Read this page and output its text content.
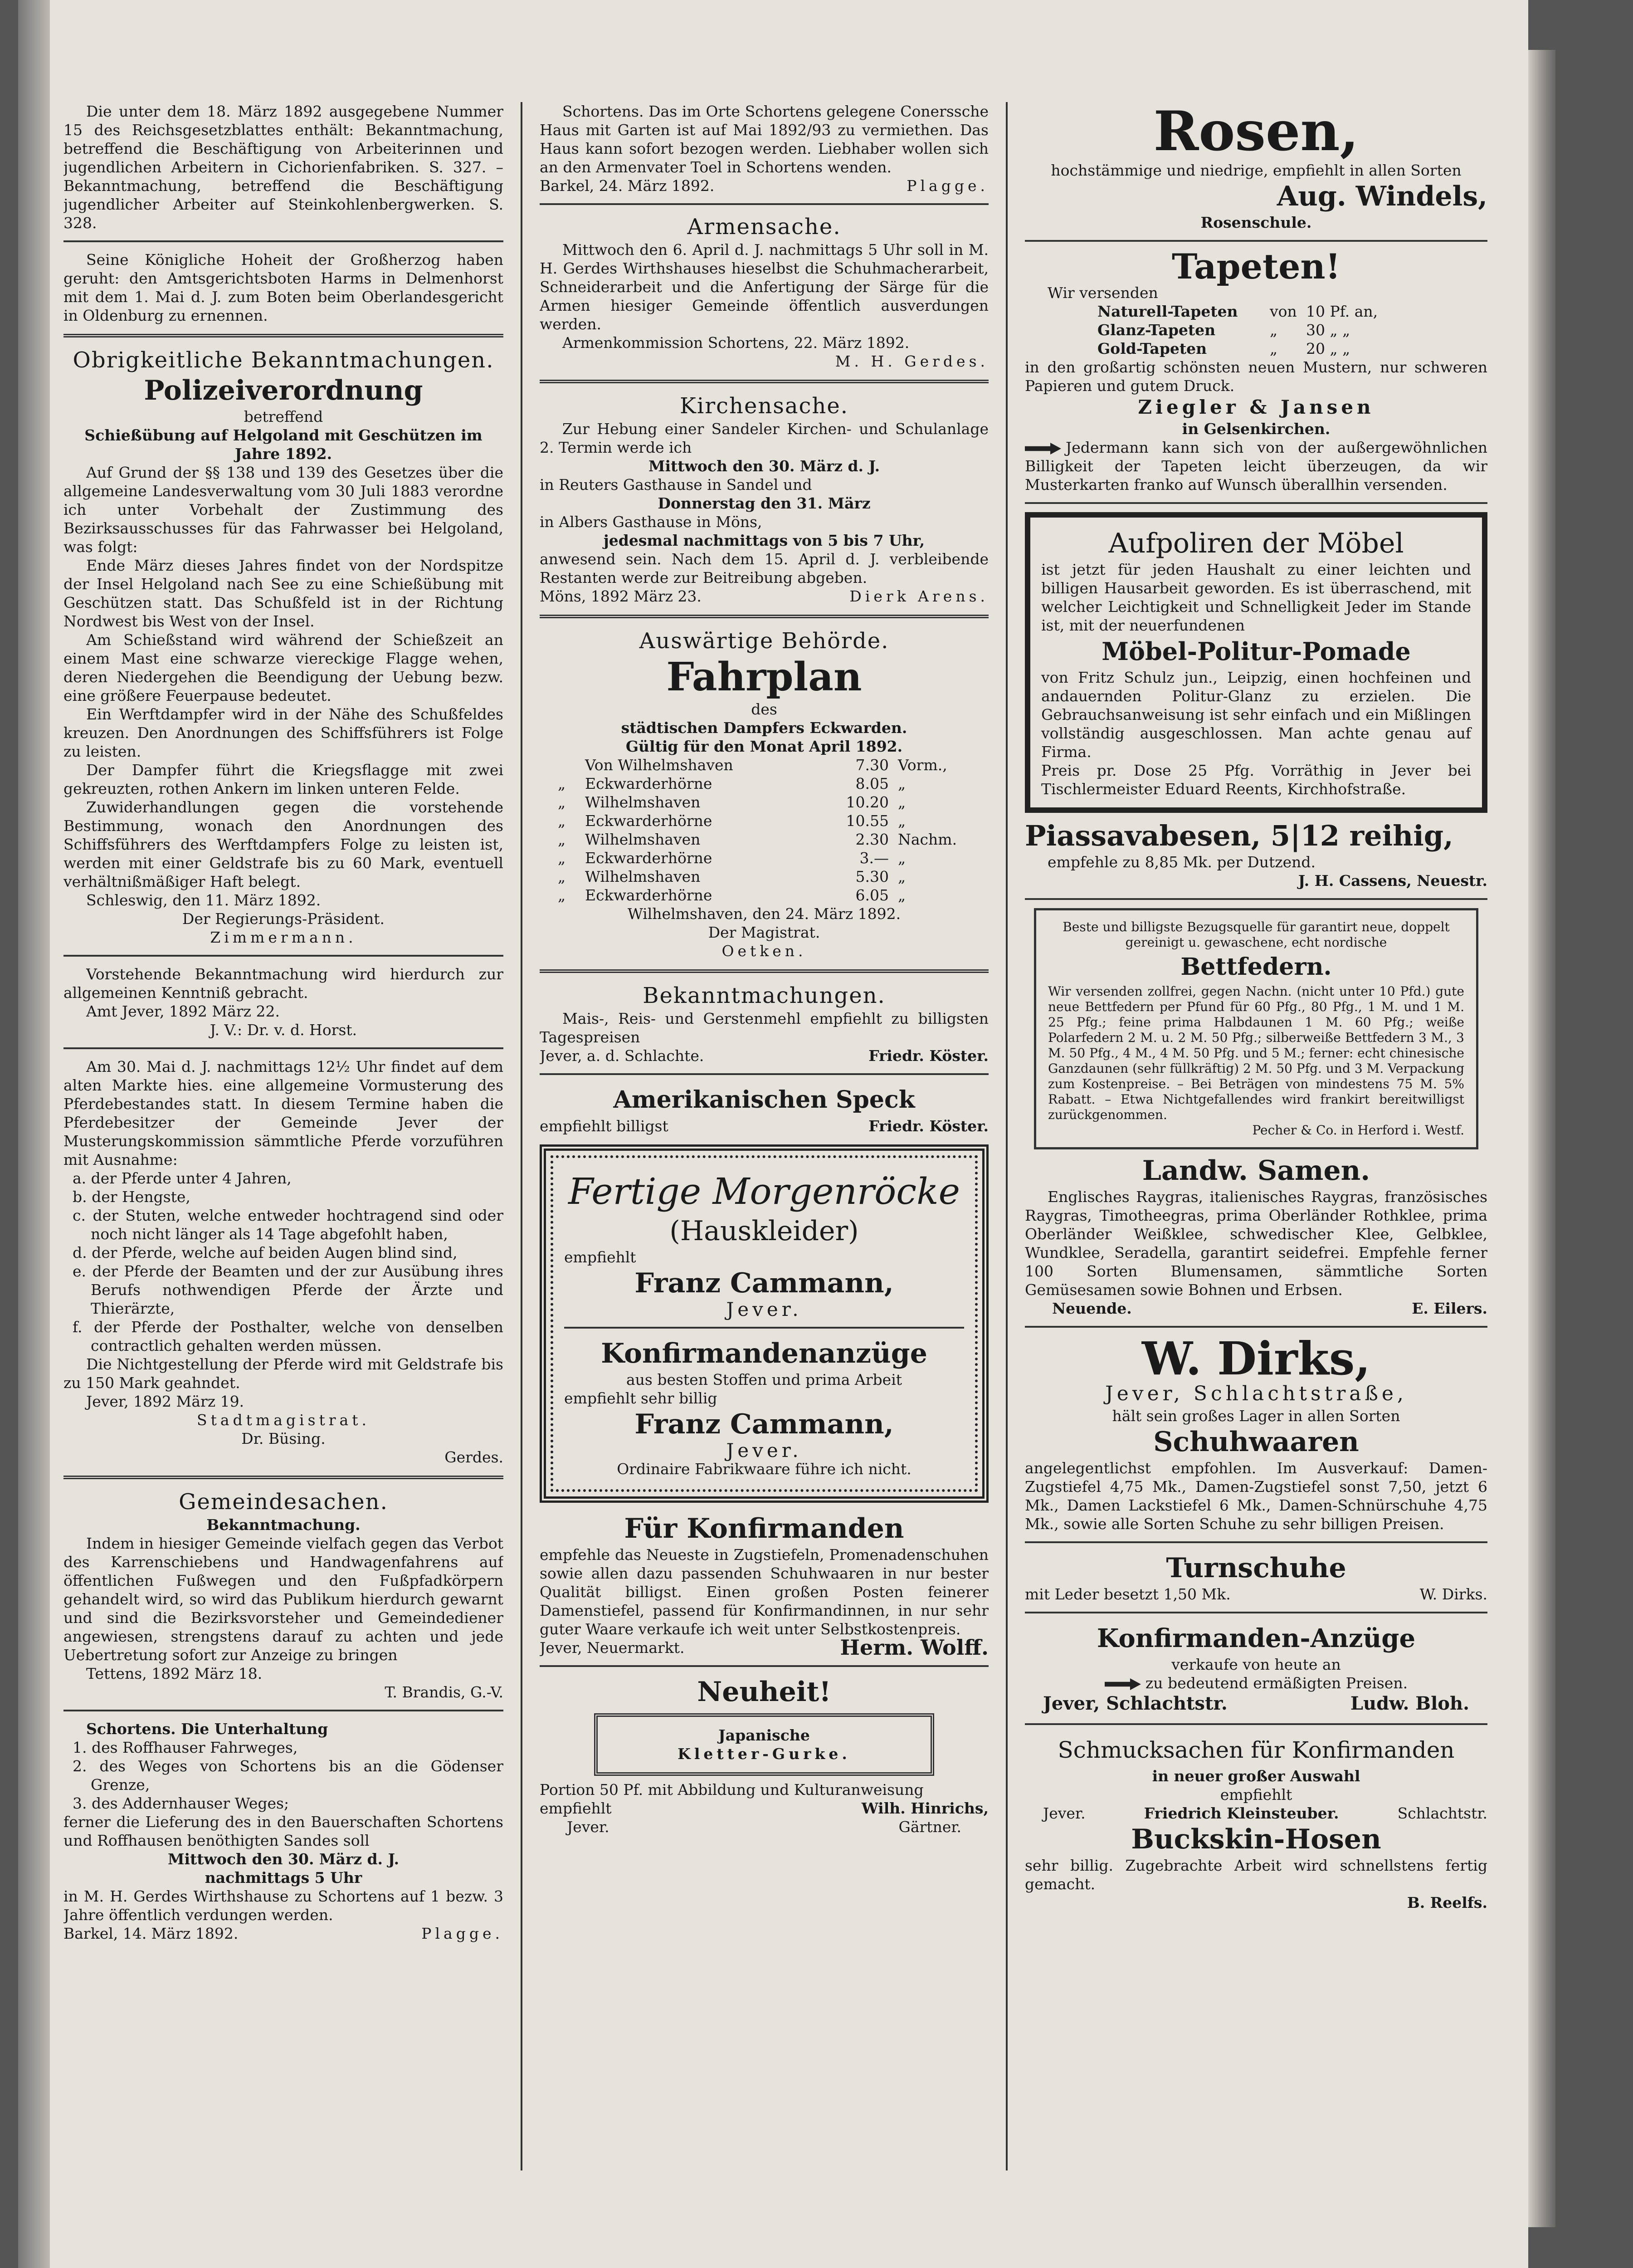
Die unter dem 18. März 1892 ausgegebene Nummer 15 des Reichsgesetzblattes enthält: Bekanntmachung, betreffend die Beschäftigung von Arbeiterinnen und jugendlichen Arbeitern in Cichorienfabriken. S. 327. – Bekanntmachung, betreffend die Beschäftigung jugendlicher Arbeiter auf Steinkohlenbergwerken. S. 328.

Seine Königliche Hoheit der Großherzog haben geruht: den Amtsgerichtsboten Harms in Delmenhorst mit dem 1. Mai d. J. zum Boten beim Oberlandesgericht in Oldenburg zu ernennen.

Obrigkeitliche Bekanntmachungen.
Polizeiverordnung

betreffend

Schießübung auf Helgoland mit Geschützen im Jahre 1892.

Auf Grund der §§ 138 und 139 des Gesetzes über die allgemeine Landesverwaltung vom 30 Juli 1883 verordne ich unter Vorbehalt der Zustimmung des Bezirksausschusses für das Fahrwasser bei Helgoland, was folgt:

Ende März dieses Jahres findet von der Nordspitze der Insel Helgoland nach See zu eine Schießübung mit Geschützen statt. Das Schußfeld ist in der Richtung Nordwest bis West von der Insel.

Am Schießstand wird während der Schießzeit an einem Mast eine schwarze viereckige Flagge wehen, deren Niedergehen die Beendigung der Uebung bezw. eine größere Feuerpause bedeutet.

Ein Werftdampfer wird in der Nähe des Schußfeldes kreuzen. Den Anordnungen des Schiffsführers ist Folge zu leisten.

Der Dampfer führt die Kriegsflagge mit zwei gekreuzten, rothen Ankern im linken unteren Felde.

Zuwiderhandlungen gegen die vorstehende Bestimmung, wonach den Anordnungen des Schiffsführers des Werftdampfers Folge zu leisten ist, werden mit einer Geldstrafe bis zu 60 Mark, eventuell verhältnißmäßiger Haft belegt.

Schleswig, den 11. März 1892.

Der Regierungs-Präsident.

Zimmermann.

Vorstehende Bekanntmachung wird hierdurch zur allgemeinen Kenntniß gebracht.

Amt Jever, 1892 März 22.

J. V.: Dr. v. d. Horst.

Am 30. Mai d. J. nachmittags 12½ Uhr findet auf dem alten Markte hies. eine allgemeine Vormusterung des Pferdebestandes statt. In diesem Termine haben die Pferdebesitzer der Gemeinde Jever der Musterungskommission sämmtliche Pferde vorzuführen mit Ausnahme:

a. der Pferde unter 4 Jahren,

b. der Hengste,

c. der Stuten, welche entweder hochtragend sind oder noch nicht länger als 14 Tage abgefohlt haben,

d. der Pferde, welche auf beiden Augen blind sind,

e. der Pferde der Beamten und der zur Ausübung ihres Berufs nothwendigen Pferde der Ärzte und Thierärzte,

f. der Pferde der Posthalter, welche von denselben contractlich gehalten werden müssen.

Die Nichtgestellung der Pferde wird mit Geldstrafe bis zu 150 Mark geahndet.

Jever, 1892 März 19.

Stadtmagistrat.

Dr. Büsing.

Gerdes.

Gemeindesachen.

Bekanntmachung.

Indem in hiesiger Gemeinde vielfach gegen das Verbot des Karrenschiebens und Handwagenfahrens auf öffentlichen Fußwegen und den Fußpfadkörpern gehandelt wird, so wird das Publikum hierdurch gewarnt und sind die Bezirksvorsteher und Gemeindediener angewiesen, strengstens darauf zu achten und jede Uebertretung sofort zur Anzeige zu bringen

Tettens, 1892 März 18.

T. Brandis, G.-V.

Schortens. Die Unterhaltung

1. des Roffhauser Fahrweges,

2. des Weges von Schortens bis an die Gödenser Grenze,

3. des Addernhauser Weges;

ferner die Lieferung des in den Bauerschaften Schortens und Roffhausen benöthigten Sandes soll

Mittwoch den 30. März d. J.

nachmittags 5 Uhr

in M. H. Gerdes Wirthshause zu Schortens auf 1 bezw. 3 Jahre öffentlich verdungen werden.

Barkel, 14. März 1892.	Plagge.

Schortens. Das im Orte Schortens gelegene Conerssche Haus mit Garten ist auf Mai 1892/93 zu vermiethen. Das Haus kann sofort bezogen werden. Liebhaber wollen sich an den Armenvater Toel in Schortens wenden.

Barkel, 24. März 1892.	Plagge.
Armensache.

Mittwoch den 6. April d. J. nachmittags 5 Uhr soll in M. H. Gerdes Wirthshauses hieselbst die Schuhmacherarbeit, Schneiderarbeit und die Anfertigung der Särge für die Armen hiesiger Gemeinde öffentlich ausverdungen werden.

Armenkommission Schortens, 22. März 1892.

M. H. Gerdes.

Kirchensache.

Zur Hebung einer Sandeler Kirchen- und Schulanlage 2. Termin werde ich

Mittwoch den 30. März d. J.

in Reuters Gasthause in Sandel und

Donnerstag den 31. März

in Albers Gasthause in Möns,

jedesmal nachmittags von 5 bis 7 Uhr,

anwesend sein. Nach dem 15. April d. J. verbleibende Restanten werde zur Beitreibung abgeben.

Möns, 1892 März 23.	Dierk Arens.
Auswärtige Behörde.
Fahrplan

des

städtischen Dampfers Eckwarden.

Gültig für den Monat April 1892.

Von Wilhelmshaven	7.30 Vorm.,
„	Eckwarderhörne	8.05 „
„	Wilhelmshaven	10.20 „
„	Eckwarderhörne	10.55 „
„	Wilhelmshaven	2.30 Nachm.
„	Eckwarderhörne	3.— „
„	Wilhelmshaven	5.30 „
„	Eckwarderhörne	6.05 „

Wilhelmshaven, den 24. März 1892.

Der Magistrat.

Oetken.

Bekanntmachungen.

Mais-, Reis- und Gerstenmehl empfiehlt zu billigsten Tagespreisen

Jever, a. d. Schlachte.	Friedr. Köster.
Amerikanischen Speck
empfiehlt billigst	Friedr. Köster.
Fertige Morgenröcke
(Hauskleider)

empfiehlt

Franz Cammann,

Jever.

Konfirmandenanzüge

aus besten Stoffen und prima Arbeit

empfiehlt sehr billig

Franz Cammann,

Jever.

Ordinaire Fabrikwaare führe ich nicht.

Für Konfirmanden

empfehle das Neueste in Zugstiefeln, Promenadenschuhen sowie allen dazu passenden Schuhwaaren in nur bester Qualität billigst. Einen großen Posten feinerer Damenstiefel, passend für Konfirmandinnen, in nur sehr guter Waare verkaufe ich weit unter Selbstkostenpreis.

Jever, Neuermarkt.	Herm. Wolff.
Neuheit!

Japanische

Kletter-Gurke.

Portion 50 Pf. mit Abbildung und Kulturanweisung

empfiehlt	Wilh. Hinrichs,
Jever.	Gärtner.
Rosen,

hochstämmige und niedrige, empfiehlt in allen Sorten

Aug. Windels,

Rosenschule.

Tapeten!

Wir versenden

Naturell-Tapeten	von 10 Pf. an,
Glanz-Tapeten	„	30 „ „
Gold-Tapeten	„	20 „ „

in den großartig schönsten neuen Mustern, nur schweren Papieren und gutem Druck.

Ziegler & Jansen

in Gelsenkirchen.

Jedermann kann sich von der außergewöhnlichen Billigkeit der Tapeten leicht überzeugen, da wir Musterkarten franko auf Wunsch überallhin versenden.

Aufpoliren der Möbel

ist jetzt für jeden Haushalt zu einer leichten und billigen Hausarbeit geworden. Es ist überraschend, mit welcher Leichtigkeit und Schnelligkeit Jeder im Stande ist, mit der neuerfundenen

Möbel-Politur-Pomade

von Fritz Schulz jun., Leipzig, einen hochfeinen und andauernden Politur-Glanz zu erzielen. Die Gebrauchsanweisung ist sehr einfach und ein Mißlingen vollständig ausgeschlossen. Man achte genau auf Firma.

Preis pr. Dose 25 Pfg. Vorräthig in Jever bei Tischlermeister Eduard Reents, Kirchhofstraße.

Piassavabesen, 5|12 reihig,

empfehle zu 8,85 Mk. per Dutzend.

J. H. Cassens, Neuestr.

Beste und billigste Bezugsquelle für garantirt neue, doppelt gereinigt u. gewaschene, echt nordische

Bettfedern.

Wir versenden zollfrei, gegen Nachn. (nicht unter 10 Pfd.) gute neue Bettfedern per Pfund für 60 Pfg., 80 Pfg., 1 M. und 1 M. 25 Pfg.; feine prima Halbdaunen 1 M. 60 Pfg.; weiße Polarfedern 2 M. u. 2 M. 50 Pfg.; silberweiße Bettfedern 3 M., 3 M. 50 Pfg., 4 M., 4 M. 50 Pfg. und 5 M.; ferner: echt chinesische Ganzdaunen (sehr füllkräftig) 2 M. 50 Pfg. und 3 M. Verpackung zum Kostenpreise. – Bei Beträgen von mindestens 75 M. 5% Rabatt. – Etwa Nichtgefallendes wird frankirt bereitwilligst zurückgenommen.

Pecher & Co. in Herford i. Westf.

Landw. Samen.

Englisches Raygras, italienisches Raygras, französisches Raygras, Timotheegras, prima Oberländer Rothklee, prima Oberländer Weißklee, schwedischer Klee, Gelbklee, Wundklee, Seradella, garantirt seidefrei. Empfehle ferner 100 Sorten Blumensamen, sämmtliche Sorten Gemüsesamen sowie Bohnen und Erbsen.

Neuende.	E. Eilers.
W. Dirks,

Jever, Schlachtstraße,

hält sein großes Lager in allen Sorten

Schuhwaaren

angelegentlichst empfohlen. Im Ausverkauf: Damen-Zugstiefel 4,75 Mk., Damen-Zugstiefel sonst 7,50, jetzt 6 Mk., Damen Lackstiefel 6 Mk., Damen-Schnürschuhe 4,75 Mk., sowie alle Sorten Schuhe zu sehr billigen Preisen.

Turnschuhe
mit Leder besetzt 1,50 Mk.	W. Dirks.
Konfirmanden-Anzüge

verkaufe von heute an

zu bedeutend ermäßigten Preisen.

Jever, Schlachtstr.	Ludw. Bloh.
Schmucksachen für Konfirmanden

in neuer großer Auswahl

empfiehlt

Jever.	Friedrich Kleinsteuber.	Schlachtstr.
Buckskin-Hosen

sehr billig. Zugebrachte Arbeit wird schnellstens fertig gemacht.

B. Reelfs.
